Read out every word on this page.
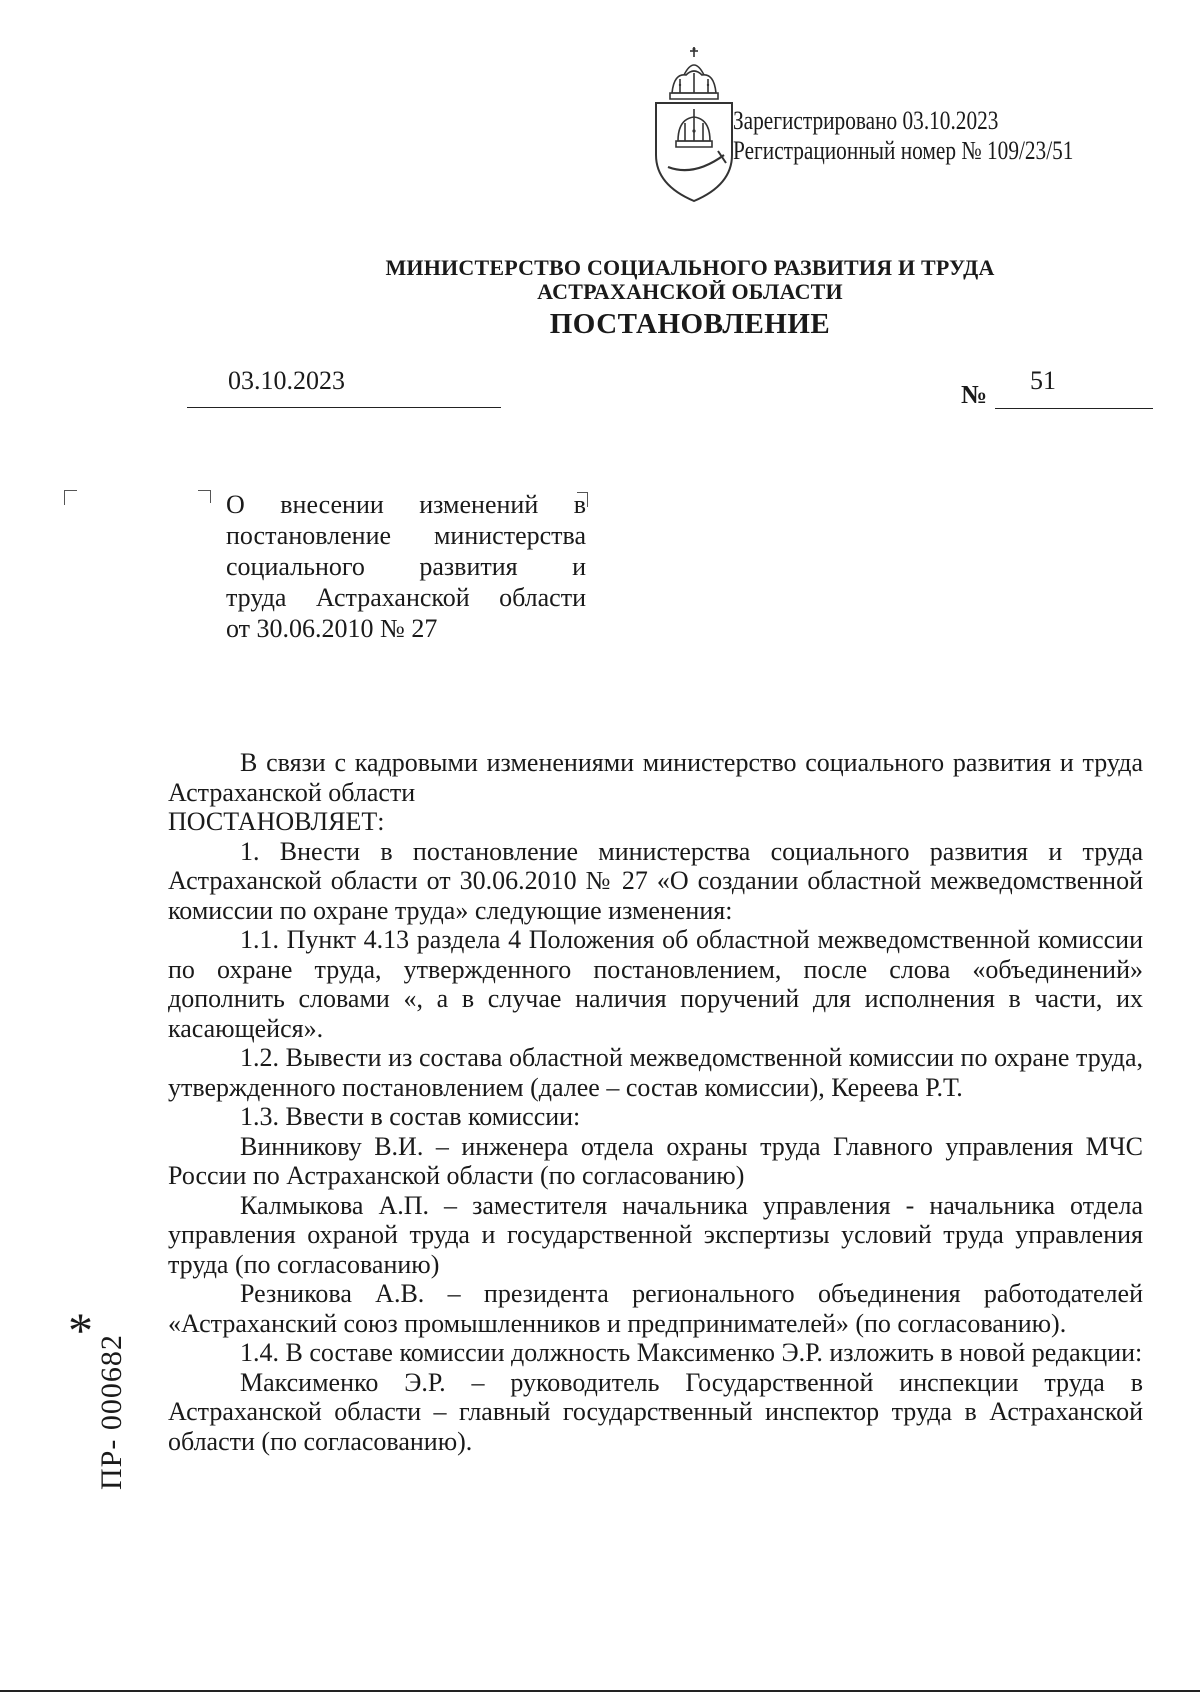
Зарегистрировано 03.10.2023
Регистрационный номер № 109/23/51
МИНИСТЕРСТВО СОЦИАЛЬНОГО РАЗВИТИЯ И ТРУДА
АСТРАХАНСКОЙ ОБЛАСТИ
ПОСТАНОВЛЕНИЕ
03.10.2023	№ 51
О внесении изменений в
постановление министерства
социального развития и
труда Астраханской области
от 30.06.2010 № 27

В связи с кадровыми изменениями министерство социального развития и труда Астраханской области

ПОСТАНОВЛЯЕТ:

1. Внести в постановление министерства социального развития и труда Астраханской области от 30.06.2010 № 27 «О создании областной межведомственной комиссии по охране труда» следующие изменения:

1.1. Пункт 4.13 раздела 4 Положения об областной межведомственной комиссии по охране труда, утвержденного постановлением, после слова «объединений» дополнить словами «, а в случае наличия поручений для исполнения в части, их касающейся».

1.2. Вывести из состава областной межведомственной комиссии по охране труда, утвержденного постановлением (далее – состав комиссии), Кереева Р.Т.

1.3. Ввести в состав комиссии:

Винникову В.И. – инженера отдела охраны труда Главного управления МЧС России по Астраханской области (по согласованию)

Калмыкова А.П. – заместителя начальника управления - начальника отдела управления охраной труда и государственной экспертизы условий труда управления труда (по согласованию)

Резникова А.В. – президента регионального объединения работодателей «Астраханский союз промышленников и предпринимателей» (по согласованию).

1.4. В составе комиссии должность Максименко Э.Р. изложить в новой редакции:

Максименко Э.Р. – руководитель Государственной инспекции труда в Астраханской области – главный государственный инспектор труда в Астраханской области (по согласованию).

*
ПР- 000682
